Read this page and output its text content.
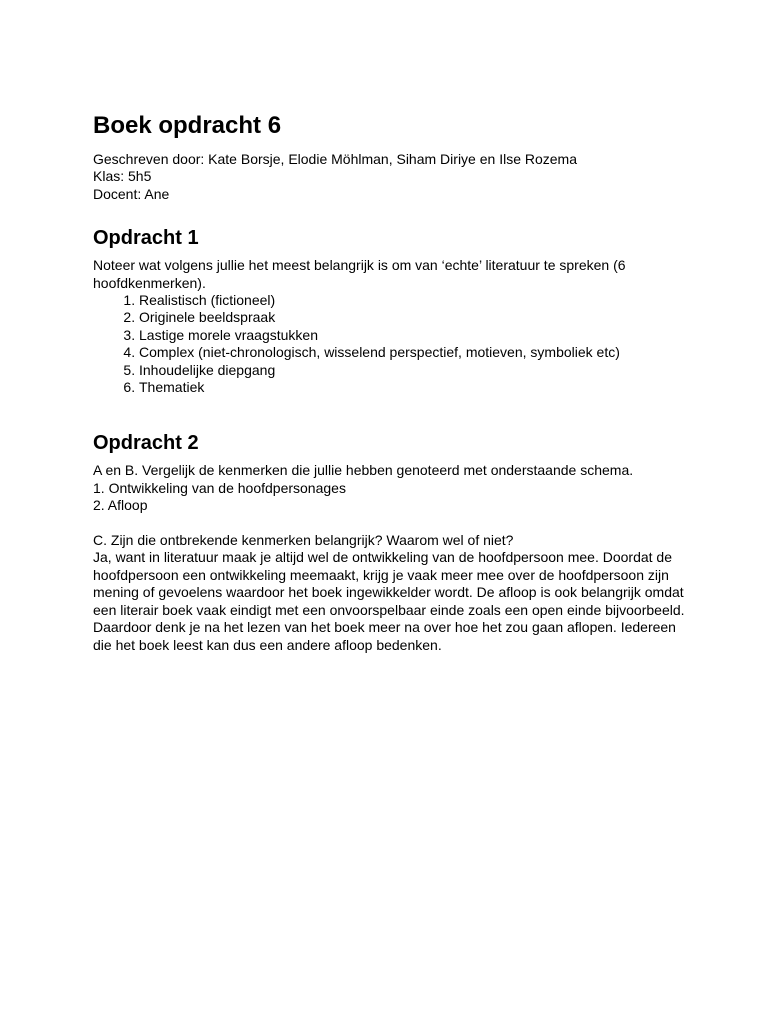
Boek opdracht 6

Geschreven door: Kate Borsje, Elodie Möhlman, Siham Diriye en Ilse Rozema

Klas: 5h5

Docent: Ane

Opdracht 1

Noteer wat volgens jullie het meest belangrijk is om van ‘echte’ literatuur te spreken (6 hoofdkenmerken).

1. Realistisch (fictioneel)
2. Originele beeldspraak
3. Lastige morele vraagstukken
4. Complex (niet-chronologisch, wisselend perspectief, motieven, symboliek etc)
5. Inhoudelijke diepgang
6. Thematiek
Opdracht 2

A en B. Vergelijk de kenmerken die jullie hebben genoteerd met onderstaande schema.

1. Ontwikkeling van de hoofdpersonages

2. Afloop

C. Zijn die ontbrekende kenmerken belangrijk? Waarom wel of niet?

Ja, want in literatuur maak je altijd wel de ontwikkeling van de hoofdpersoon mee. Doordat de hoofdpersoon een ontwikkeling meemaakt, krijg je vaak meer mee over de hoofdpersoon zijn mening of gevoelens waardoor het boek ingewikkelder wordt. De afloop is ook belangrijk omdat een literair boek vaak eindigt met een onvoorspelbaar einde zoals een open einde bijvoorbeeld. Daardoor denk je na het lezen van het boek meer na over hoe het zou gaan aflopen. Iedereen die het boek leest kan dus een andere afloop bedenken.
